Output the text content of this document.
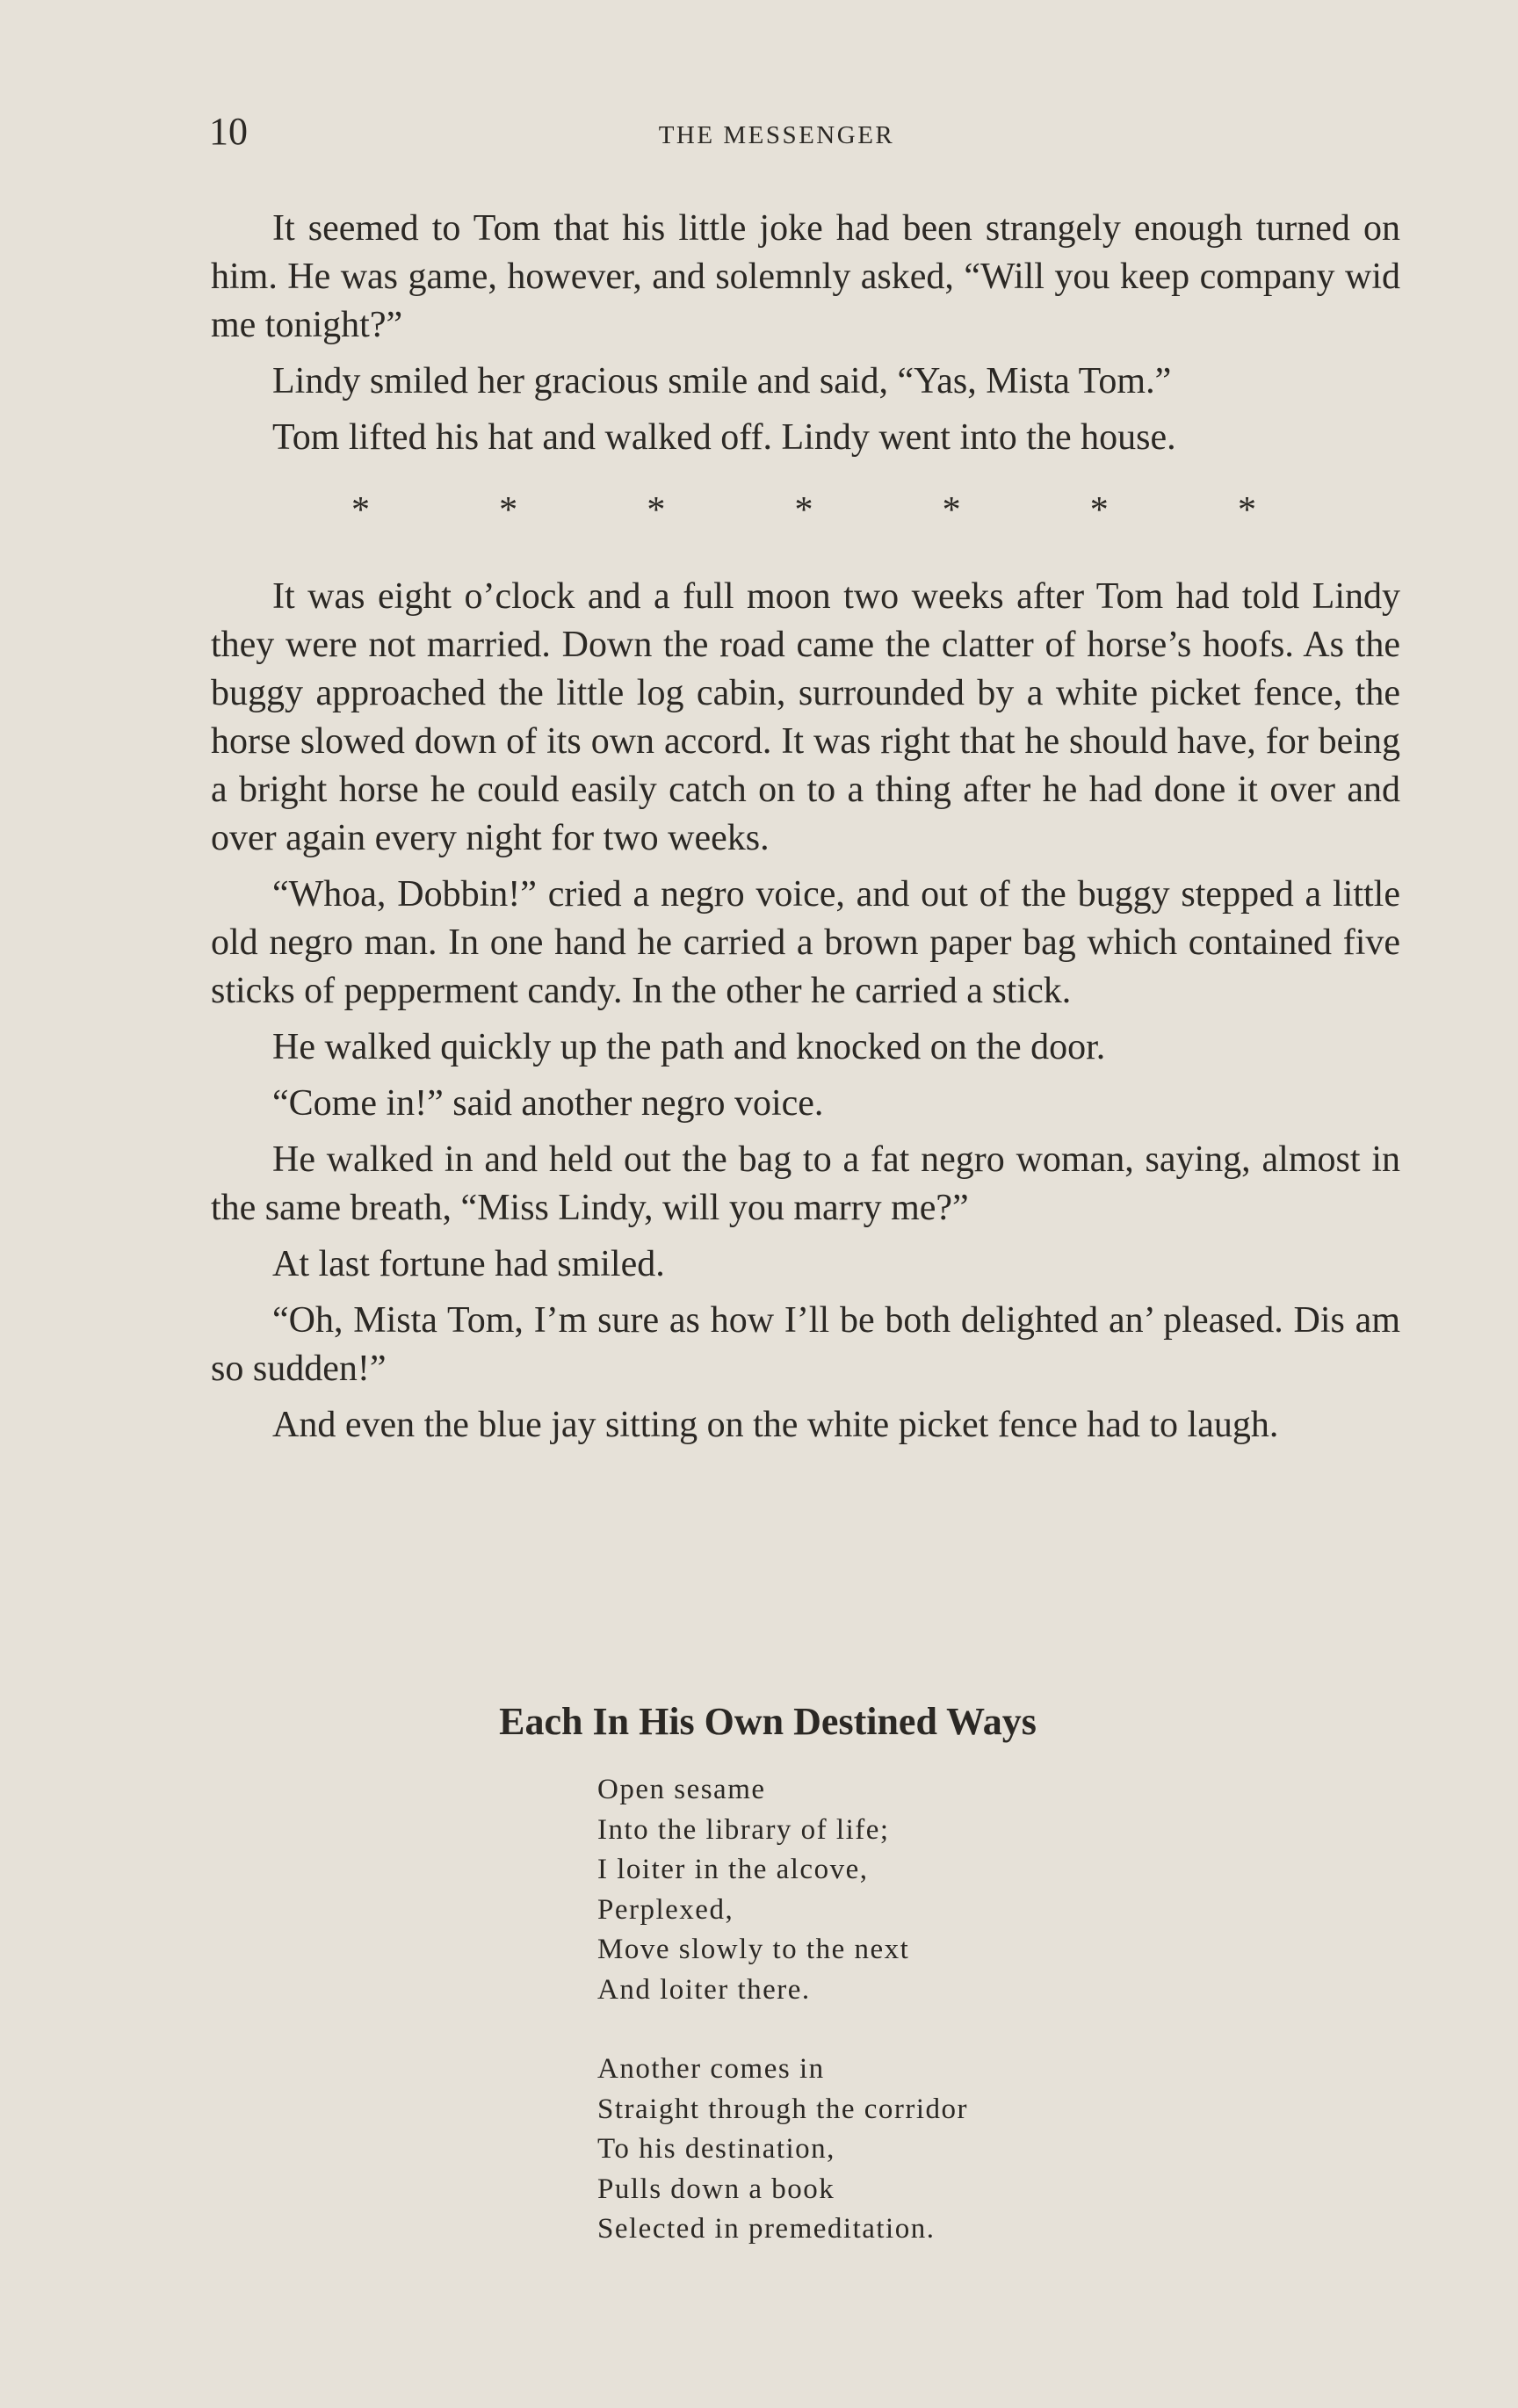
10	THE MESSENGER

It seemed to Tom that his little joke had been strangely enough turned on him. He was game, however, and solemnly asked, “Will you keep company wid me tonight?”

Lindy smiled her gracious smile and said, “Yas, Mista Tom.”

Tom lifted his hat and walked off. Lindy went into the house.

*	*	*	*	*	*	*

It was eight o’clock and a full moon two weeks after Tom had told Lindy they were not married. Down the road came the clatter of horse’s hoofs. As the buggy approached the little log cabin, surrounded by a white picket fence, the horse slowed down of its own accord. It was right that he should have, for being a bright horse he could easily catch on to a thing after he had done it over and over again every night for two weeks.

“Whoa, Dobbin!” cried a negro voice, and out of the buggy stepped a little old negro man. In one hand he carried a brown paper bag which contained five sticks of pepperment candy. In the other he carried a stick.

He walked quickly up the path and knocked on the door.

“Come in!” said another negro voice.

He walked in and held out the bag to a fat negro woman, saying, almost in the same breath, “Miss Lindy, will you marry me?”

At last fortune had smiled.

“Oh, Mista Tom, I’m sure as how I’ll be both delighted an’ pleased. Dis am so sudden!”

And even the blue jay sitting on the white picket fence had to laugh.

Each In His Own Destined Ways
Open sesame
Into the library of life;
I loiter in the alcove,
Perplexed,
Move slowly to the next
And loiter there.
Another comes in
Straight through the corridor
To his destination,
Pulls down a book
Selected in premeditation.
